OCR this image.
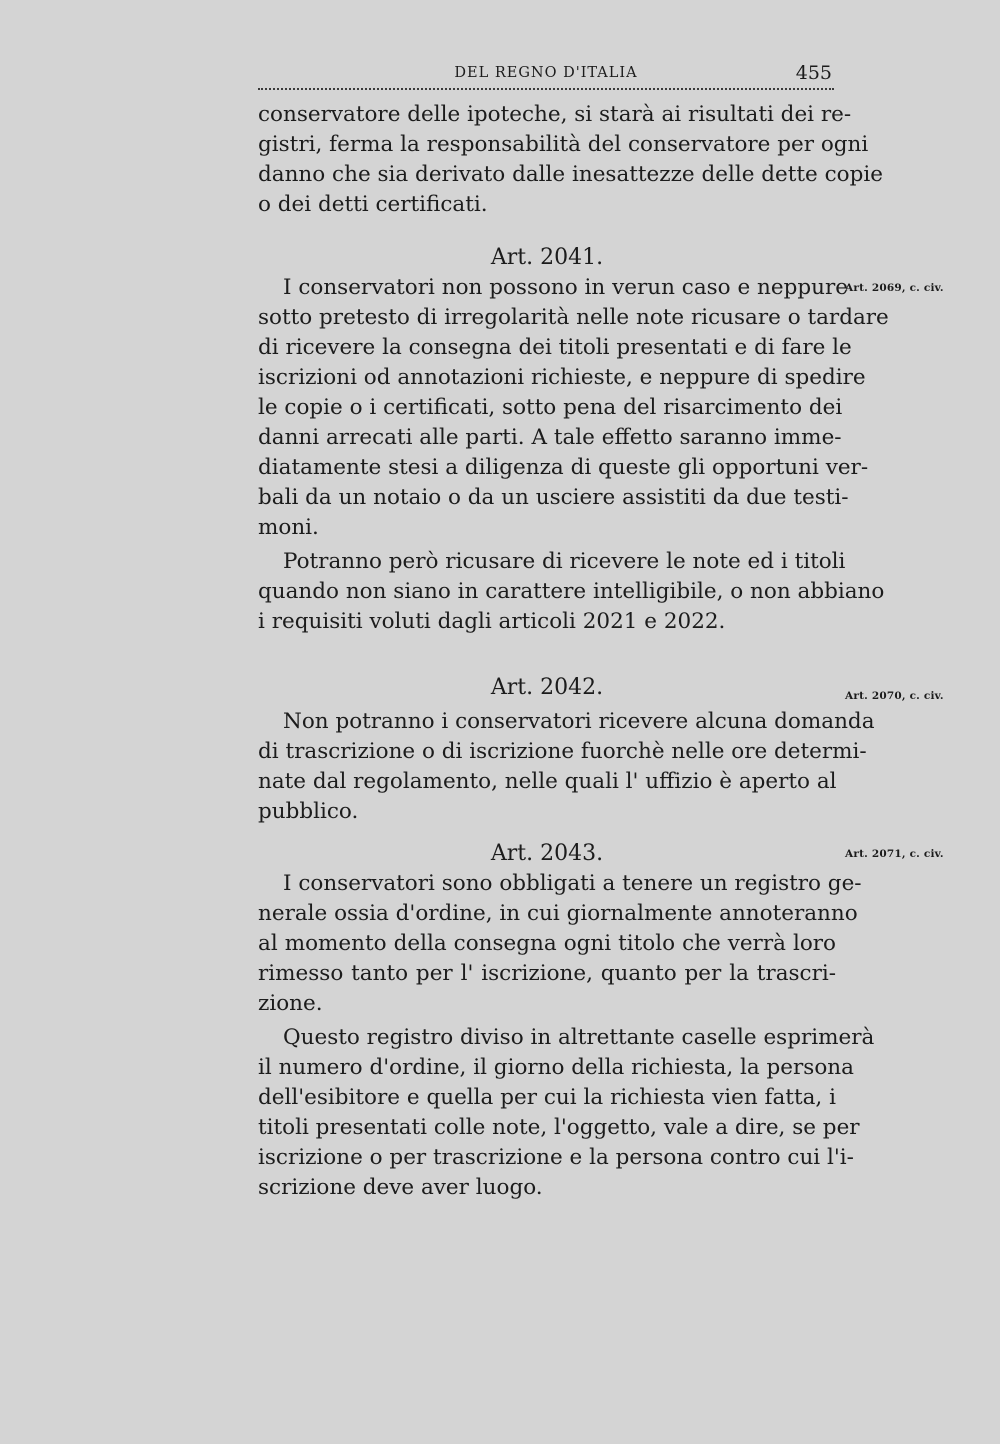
DEL REGNO D'ITALIA	455
conservatore delle ipoteche, si starà ai risultati dei re-
gistri, ferma la responsabilità del conservatore per ogni
danno che sia derivato dalle inesattezze delle dette copie
o dei detti certificati.
Art. 2041.
I conservatori non possono in verun caso e neppure
sotto pretesto di irregolarità nelle note ricusare o tardare
di ricevere la consegna dei titoli presentati e di fare le
iscrizioni od annotazioni richieste, e neppure di spedire
le copie o i certificati, sotto pena del risarcimento dei
danni arrecati alle parti. A tale effetto saranno imme-
diatamente stesi a diligenza di queste gli opportuni ver-
bali da un notaio o da un usciere assistiti da due testi-
moni.
Potranno però ricusare di ricevere le note ed i titoli
quando non siano in carattere intelligibile, o non abbiano
i requisiti voluti dagli articoli 2021 e 2022.
Art. 2042.
Non potranno i conservatori ricevere alcuna domanda
di trascrizione o di iscrizione fuorchè nelle ore determi-
nate dal regolamento, nelle quali l' uffizio è aperto al
pubblico.
Art. 2043.
I conservatori sono obbligati a tenere un registro ge-
nerale ossia d'ordine, in cui giornalmente annoteranno
al momento della consegna ogni titolo che verrà loro
rimesso tanto per l' iscrizione, quanto per la trascri-
zione.
Questo registro diviso in altrettante caselle esprimerà
il numero d'ordine, il giorno della richiesta, la persona
dell'esibitore e quella per cui la richiesta vien fatta, i
titoli presentati colle note, l'oggetto, vale a dire, se per
iscrizione o per trascrizione e la persona contro cui l'i-
scrizione deve aver luogo.
Art. 2069, c. civ.
Art. 2070, c. civ.
Art. 2071, c. civ.
